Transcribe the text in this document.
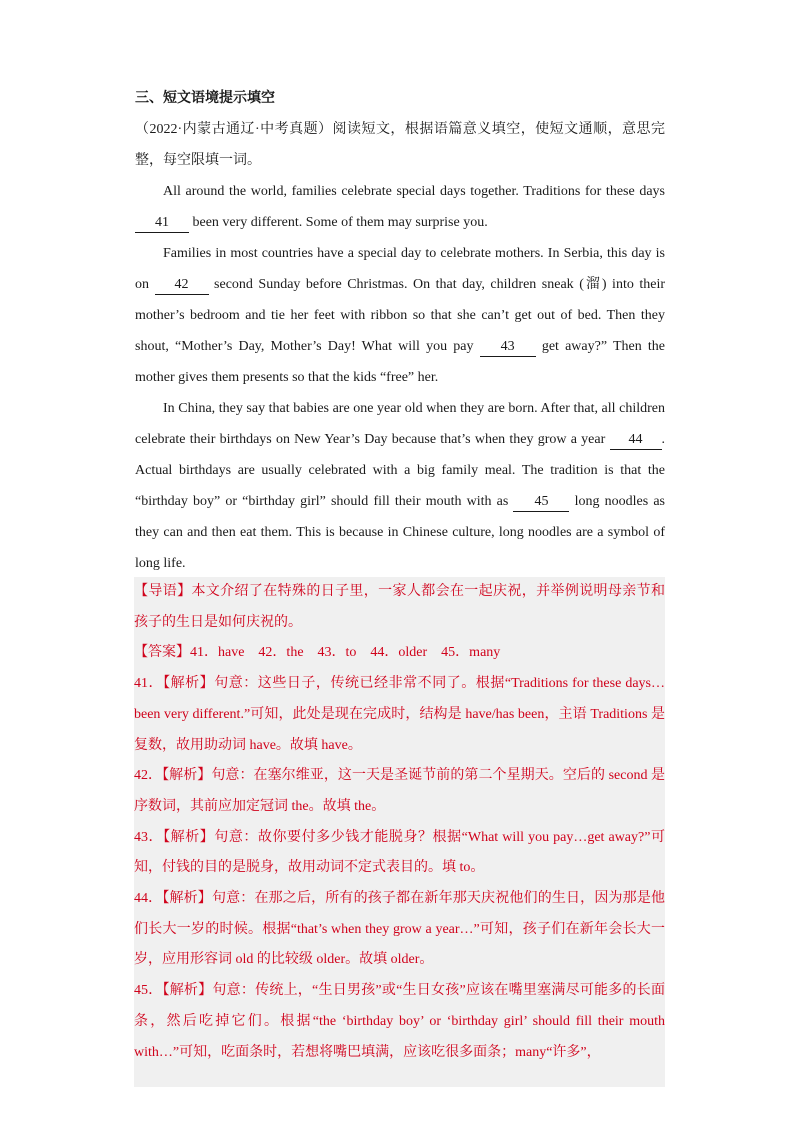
三、短文语境提示填空

（2022·内蒙古通辽·中考真题）阅读短文，根据语篇意义填空，使短文通顺，意思完整，每空限填一词。

All around the world, families celebrate special days together. Traditions for these days 41 been very different. Some of them may surprise you.

Families in most countries have a special day to celebrate mothers. In Serbia, this day is on 42 second Sunday before Christmas. On that day, children sneak (溜) into their mother’s bedroom and tie her feet with ribbon so that she can’t get out of bed. Then they shout, “Mother’s Day, Mother’s Day! What will you pay 43 get away?” Then the mother gives them presents so that the kids “free” her.

In China, they say that babies are one year old when they are born. After that, all children celebrate their birthdays on New Year’s Day because that’s when they grow a year 44 . Actual birthdays are usually celebrated with a big family meal. The tradition is that the “birthday boy” or “birthday girl” should fill their mouth with as 45 long noodles as they can and then eat them. This is because in Chinese culture, long noodles are a symbol of long life.

【导语】本文介绍了在特殊的日子里，一家人都会在一起庆祝，并举例说明母亲节和孩子的生日是如何庆祝的。

【答案】41．have　42．the　43．to　44．older　45．many

41．【解析】句意：这些日子，传统已经非常不同了。根据“Traditions for these days…been very different.”可知，此处是现在完成时，结构是 have/has been，主语 Traditions 是复数，故用助动词 have。故填 have。

42．【解析】句意：在塞尔维亚，这一天是圣诞节前的第二个星期天。空后的 second 是序数词，其前应加定冠词 the。故填 the。

43．【解析】句意：故你要付多少钱才能脱身？根据“What will you pay…get away?”可知，付钱的目的是脱身，故用动词不定式表目的。填 to。

44．【解析】句意：在那之后，所有的孩子都在新年那天庆祝他们的生日，因为那是他们长大一岁的时候。根据“that’s when they grow a year…”可知，孩子们在新年会长大一岁，应用形容词 old 的比较级 older。故填 older。

45．【解析】句意：传统上，“生日男孩”或“生日女孩”应该在嘴里塞满尽可能多的长面条，然后吃掉它们。根据“the ‘birthday boy’ or ‘birthday girl’ should fill their mouth with…”可知，吃面条时，若想将嘴巴填满，应该吃很多面条；many“许多”，
